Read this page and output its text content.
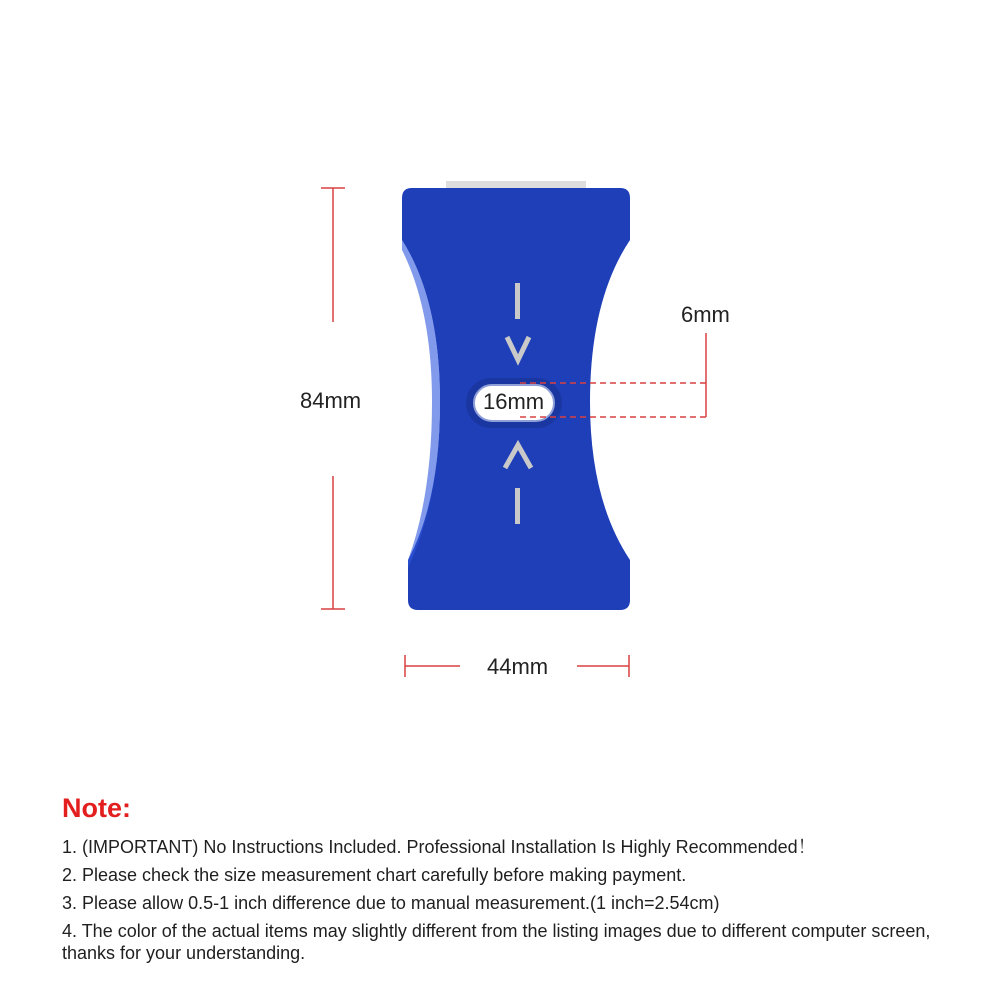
84mm
44mm
6mm
16mm
Note:
1. (IMPORTANT) No Instructions Included. Professional Installation Is Highly Recommended！
2. Please check the size measurement chart carefully before making payment.
3. Please allow 0.5-1 inch difference due to manual measurement.(1 inch=2.54cm)
4. The color of the actual items may slightly different from the listing images due to different computer screen, thanks for your understanding.
